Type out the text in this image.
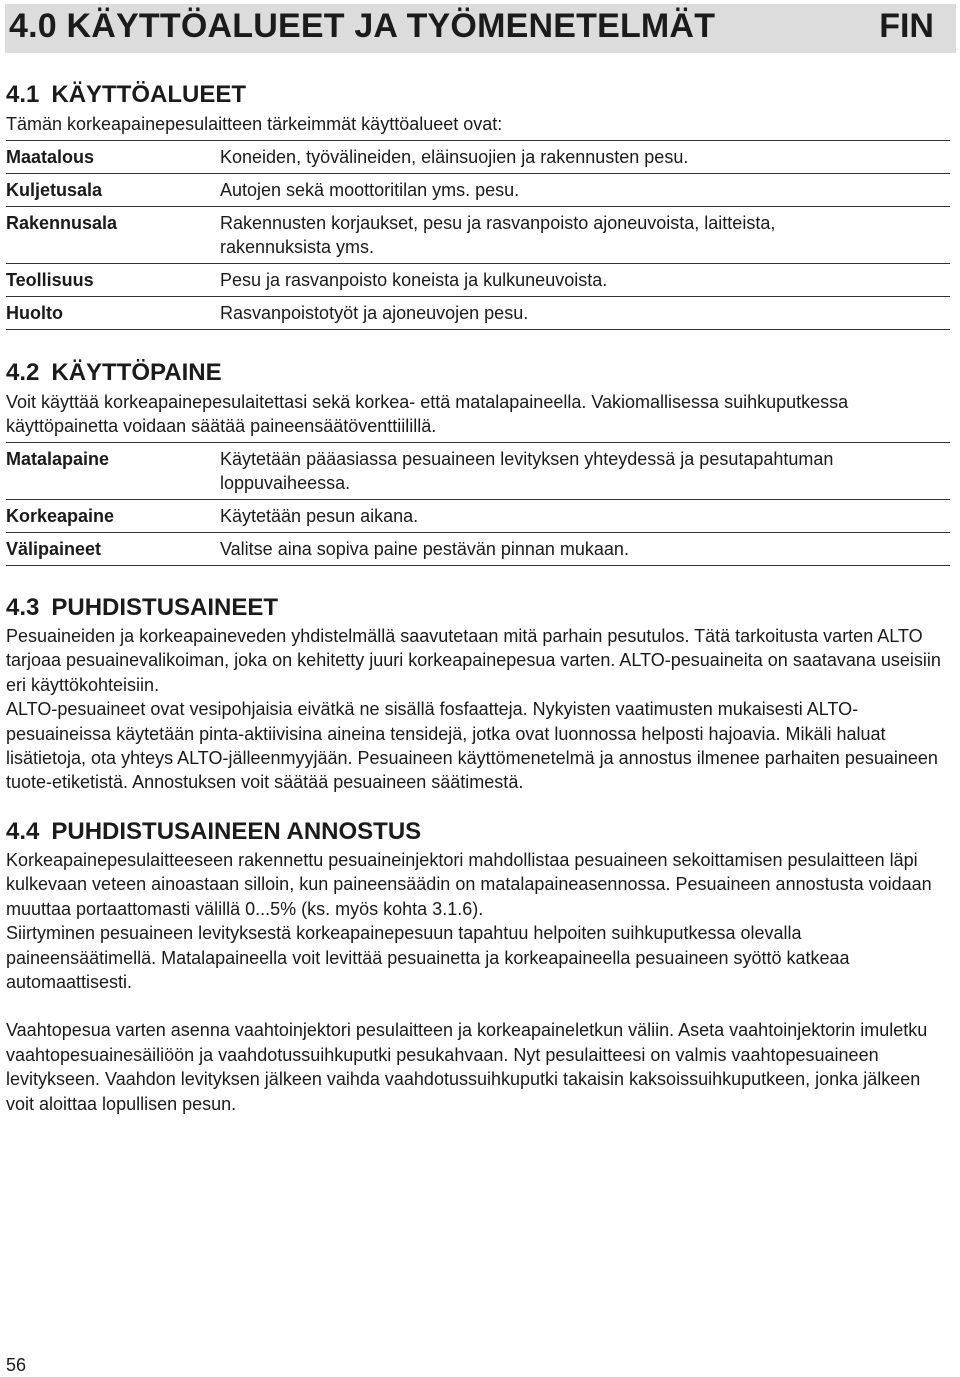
4.0 KÄYTTÖALUEET JA TYÖMENETELMÄT	FIN
4.1 KÄYTTÖALUEET
Tämän korkeapainepesulaitteen tärkeimmät käyttöalueet ovat:
Maatalous	Koneiden, työvälineiden, eläinsuojien ja rakennusten pesu.
Kuljetusala	Autojen sekä moottoritilan yms. pesu.
Rakennusala	Rakennusten korjaukset, pesu ja rasvanpoisto ajoneuvoista, laitteista, rakennuksista yms.
Teollisuus	Pesu ja rasvanpoisto koneista ja kulkuneuvoista.
Huolto	Rasvanpoistotyöt ja ajoneuvojen pesu.
4.2 KÄYTTÖPAINE
Voit käyttää korkeapainepesulaitettasi sekä korkea- että matalapaineella. Vakiomallisessa suihkuputkessa käyttöpainetta voidaan säätää paineensäätöventtiilillä.
Matalapaine	Käytetään pääasiassa pesuaineen levityksen yhteydessä ja pesutapahtuman loppuvaiheessa.
Korkeapaine	Käytetään pesun aikana.
Välipaineet	Valitse aina sopiva paine pestävän pinnan mukaan.
4.3 PUHDISTUSAINEET

Pesuaineiden ja korkeapaineveden yhdistelmällä saavutetaan mitä parhain pesutulos. Tätä tarkoitusta varten ALTO tarjoaa pesuainevalikoiman, joka on kehitetty juuri korkeapainepesua varten. ALTO-pesuaineita on saatavana useisiin eri käyttökohteisiin.

ALTO-pesuaineet ovat vesipohjaisia eivätkä ne sisällä fosfaatteja. Nykyisten vaatimusten mukaisesti ALTO-pesuaineissa käytetään pinta-aktiivisina aineina tensidejä, jotka ovat luonnossa helposti hajoavia. Mikäli haluat lisätietoja, ota yhteys ALTO-jälleenmyyjään. Pesuaineen käyttömenetelmä ja annostus ilmenee parhaiten pesuaineen tuote-etiketistä. Annostuksen voit säätää pesuaineen säätimestä.

4.4 PUHDISTUSAINEEN ANNOSTUS

Korkeapainepesulaitteeseen rakennettu pesuaineinjektori mahdollistaa pesuaineen sekoittamisen pesulaitteen läpi kulkevaan veteen ainoastaan silloin, kun paineensäädin on matalapaineasennossa. Pesuaineen annostusta voidaan muuttaa portaattomasti välillä 0...5% (ks. myös kohta 3.1.6).

Siirtyminen pesuaineen levityksestä korkeapainepesuun tapahtuu helpoiten suihkuputkessa olevalla paineensäätimellä. Matalapaineella voit levittää pesuainetta ja korkeapaineella pesuaineen syöttö katkeaa automaattisesti.

Vaahtopesua varten asenna vaahtoinjektori pesulaitteen ja korkeapaineletkun väliin. Aseta vaahtoinjektorin imuletku vaahtopesuainesäiliöön ja vaahdotussuihkuputki pesukahvaan. Nyt pesulaitteesi on valmis vaahtopesuaineen levitykseen. Vaahdon levityksen jälkeen vaihda vaahdotussuihkuputki takaisin kaksoissuihkuputkeen, jonka jälkeen voit aloittaa lopullisen pesun.

56
